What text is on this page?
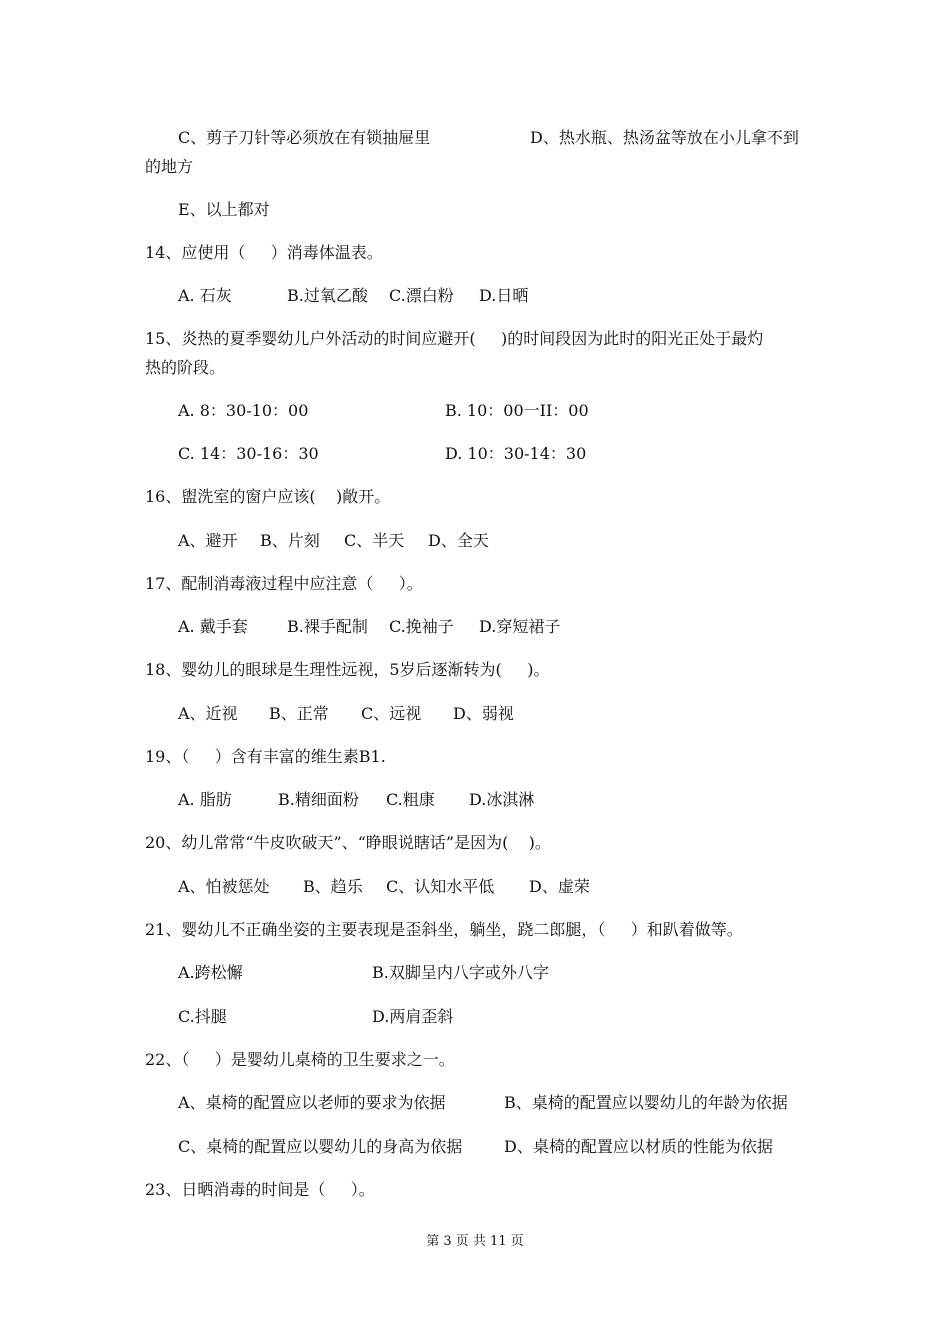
C、剪子刀针等必须放在有锁抽屉里	D、热水瓶、热汤盆等放在小儿拿不到

的地方

E、以上都对

14、应使用（     ）消毒体温表。

A. 石灰	B.过氧乙酸 C.漂白粉 D.日晒

15、炎热的夏季婴幼儿户外活动的时间应避开(     )的时间段因为此时的阳光正处于最灼

热的阶段。

A. 8：30-10：00	B. 10：00一II：00

C. 14：30-16：30	D. 10：30-14：30

16、盥洗室的窗户应该(    )敞开。

A、避开 B、片刻 C、半天 D、全天

17、配制消毒液过程中应注意（     ）。

A. 戴手套 B.裸手配制 C.挽袖子 D.穿短裙子

18、婴幼儿的眼球是生理性远视，5岁后逐渐转为(     )。

A、近视 B、正常 C、远视 D、弱视

19、（     ）含有丰富的维生素B1.

A. 脂肪	B.精细面粉 C.粗康 D.冰淇淋

20、幼儿常常“牛皮吹破天”、“睁眼说瞎话”是因为(    )。

A、怕被惩处 B、趋乐 C、认知水平低 D、虚荣

21、婴幼儿不正确坐姿的主要表现是歪斜坐，躺坐，跷二郎腿，（     ）和趴着做等。

A.跨松懈	B.双脚呈内八字或外八字

C.抖腿	D.两肩歪斜

22、（     ）是婴幼儿桌椅的卫生要求之一。

A、桌椅的配置应以老师的要求为依据	B、桌椅的配置应以婴幼儿的年龄为依据

C、桌椅的配置应以婴幼儿的身高为依据	D、桌椅的配置应以材质的性能为依据

23、日晒消毒的时间是（     ）。

第 3 页 共 11 页
